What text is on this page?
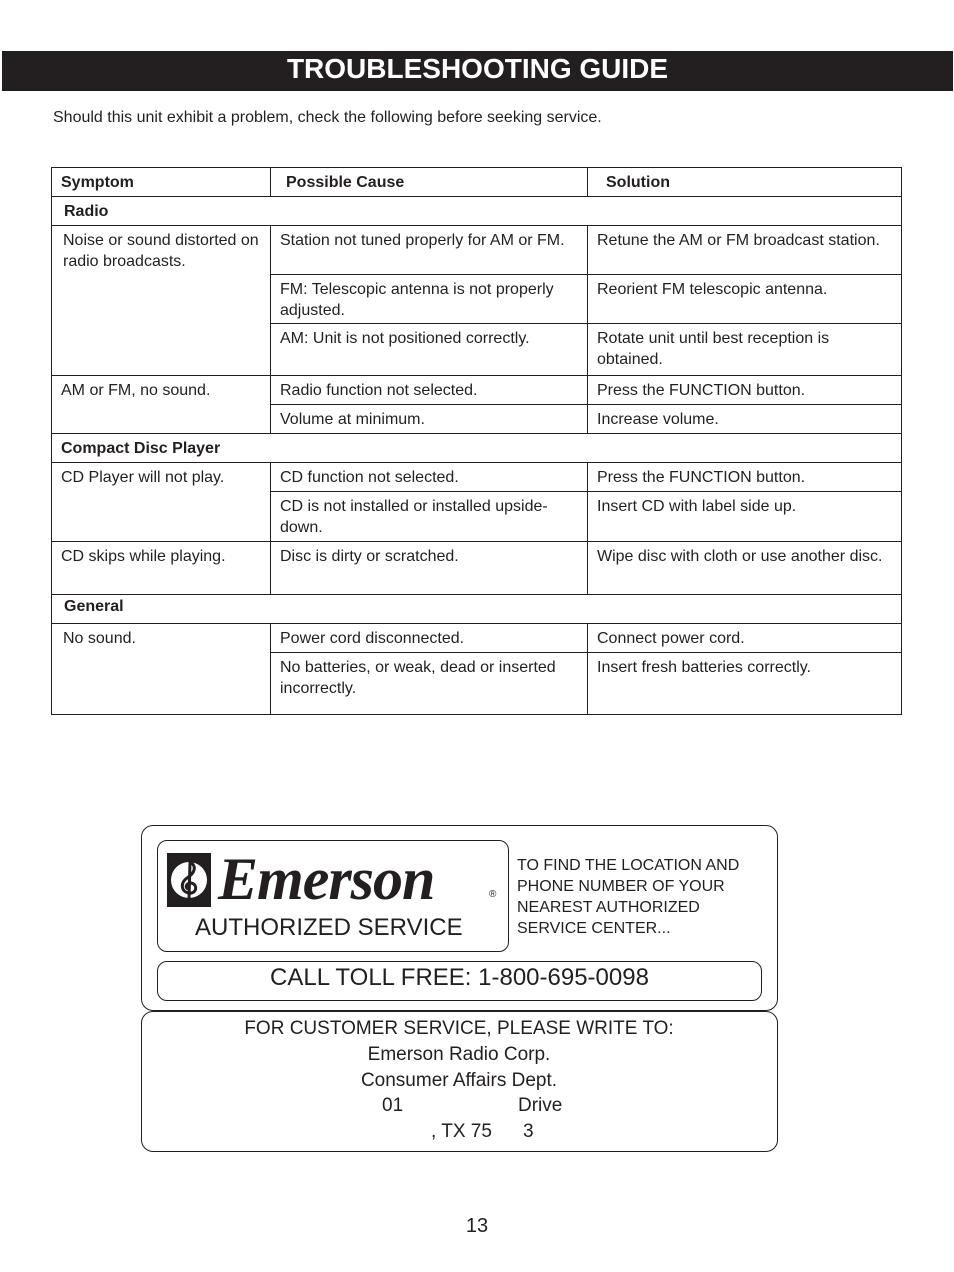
TROUBLESHOOTING GUIDE
Should this unit exhibit a problem, check the following before seeking service.
Symptom	Possible Cause	Solution

Radio		

Noise or sound distorted on radio broadcasts.	Station not tuned properly for AM or FM.	Retune the AM or FM broadcast station.

	FM: Telescopic antenna is not properly adjusted.	Reorient FM telescopic antenna.

	AM: Unit is not positioned correctly.	Rotate unit until best reception is obtained.

AM or FM, no sound.	Radio function not selected.	Press the FUNCTION button.

	Volume at minimum.	Increase volume.

Compact Disc Player		

CD Player will not play.	CD function not selected.	Press the FUNCTION button.

	CD is not installed or installed upside-down.	Insert CD with label side up.

CD skips while playing.	Disc is dirty or scratched.	Wipe disc with cloth or use another disc.

General		

No sound.	Power cord disconnected.	Connect power cord.

	No batteries, or weak, dead or inserted incorrectly.	Insert fresh batteries correctly.
Emerson	®
AUTHORIZED SERVICE
TO FIND THE LOCATION AND
PHONE NUMBER OF YOUR
NEAREST AUTHORIZED
SERVICE CENTER...
CALL TOLL FREE: 1-800-695-0098
FOR CUSTOMER SERVICE, PLEASE WRITE TO:
Emerson Radio Corp.
Consumer Affairs Dept.
01	Drive
, TX 75 3
13
